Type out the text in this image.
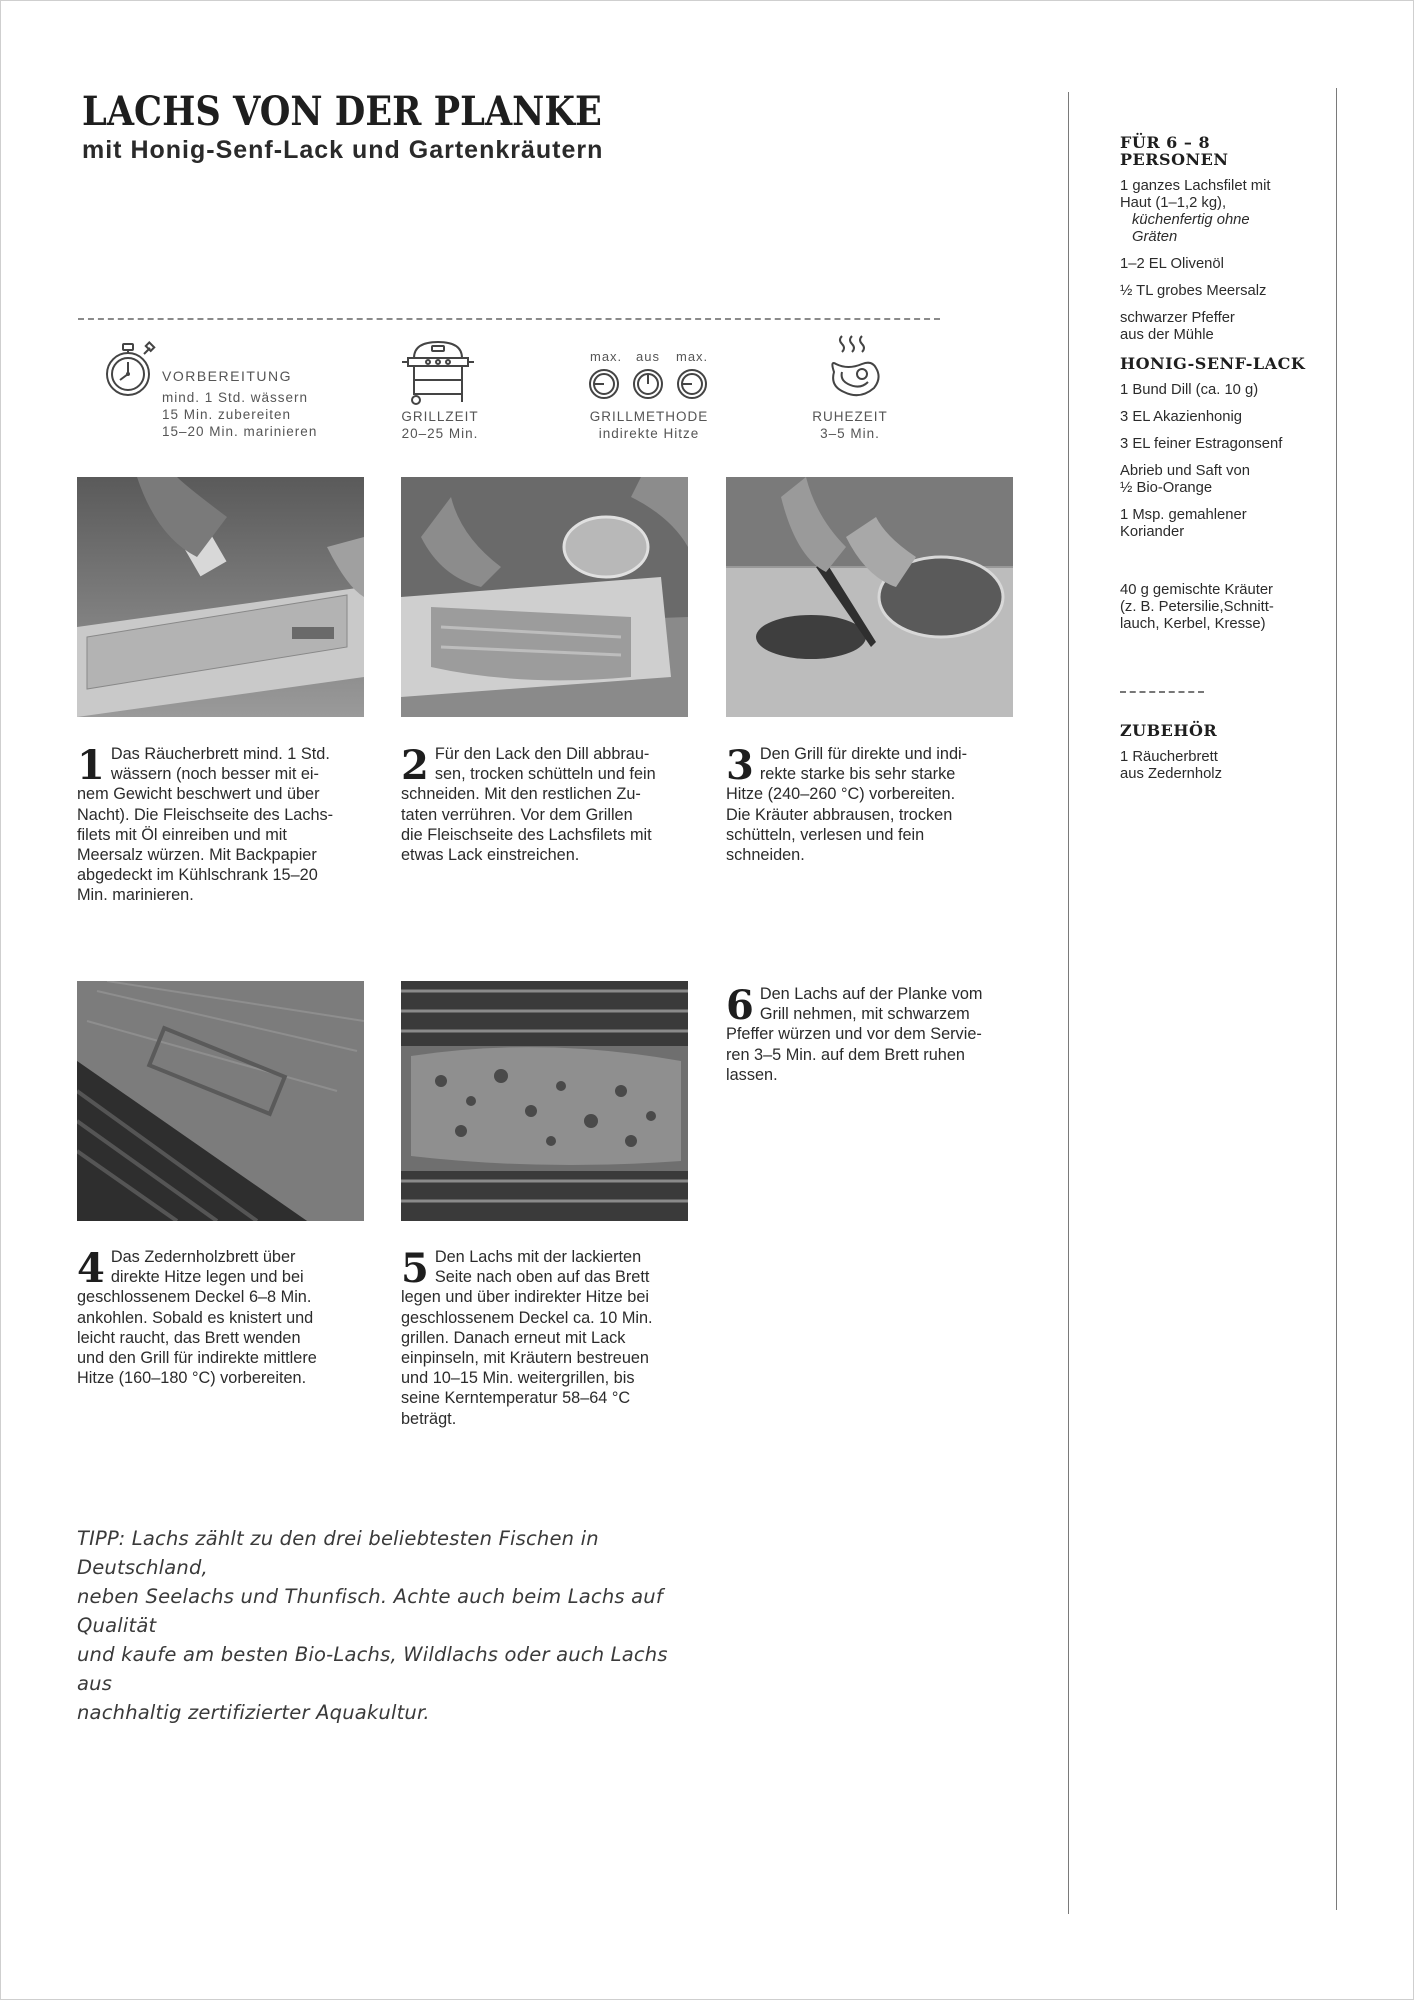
LACHS VON DER PLANKE
mit Honig-Senf-Lack und Gartenkräutern
VORBEREITUNG
mind. 1 Std. wässern
15 Min. zubereiten
15–20 Min. marinieren
GRILLZEIT
20–25 Min.
max. aus max.
GRILLMETHODE
indirekte Hitze
RUHEZEIT
3–5 Min.
1 Das Räucherbrett mind. 1 Std.
wässern (noch besser mit ei-
nem Gewicht beschwert und über
Nacht). Die Fleischseite des Lachs-
filets mit Öl einreiben und mit
Meersalz würzen. Mit Backpapier
abgedeckt im Kühlschrank 15–20
Min. marinieren.
2 Für den Lack den Dill abbrau-
sen, trocken schütteln und fein
schneiden. Mit den restlichen Zu-
taten verrühren. Vor dem Grillen
die Fleischseite des Lachsfilets mit
etwas Lack einstreichen.
3 Den Grill für direkte und indi-
rekte starke bis sehr starke
Hitze (240–260 °C) vorbereiten.
Die Kräuter abbrausen, trocken
schütteln, verlesen und fein
schneiden.
4 Das Zedernholzbrett über
direkte Hitze legen und bei
geschlossenem Deckel 6–8 Min.
ankohlen. Sobald es knistert und
leicht raucht, das Brett wenden
und den Grill für indirekte mittlere
Hitze (160–180 °C) vorbereiten.
5 Den Lachs mit der lackierten
Seite nach oben auf das Brett
legen und über indirekter Hitze bei
geschlossenem Deckel ca. 10 Min.
grillen. Danach erneut mit Lack
einpinseln, mit Kräutern bestreuen
und 10–15 Min. weitergrillen, bis
seine Kerntemperatur 58–64 °C
beträgt.
6 Den Lachs auf der Planke vom
Grill nehmen, mit schwarzem
Pfeffer würzen und vor dem Servie-
ren 3–5 Min. auf dem Brett ruhen
lassen.

TIPP: Lachs zählt zu den drei beliebtesten Fischen in Deutschland,
neben Seelachs und Thunfisch. Achte auch beim Lachs auf Qualität
und kaufe am besten Bio-Lachs, Wildlachs oder auch Lachs aus
nachhaltig zertifizierter Aquakultur.

FÜR 6 – 8 PERSONEN
1 ganzes Lachsfilet mit
Haut (1–1,2 kg),
küchenfertig ohne
Gräten
1–2 EL Olivenöl
½ TL grobes Meersalz
schwarzer Pfeffer
aus der Mühle
HONIG-SENF-LACK
1 Bund Dill (ca. 10 g)
3 EL Akazienhonig
3 EL feiner Estragonsenf
Abrieb und Saft von
½ Bio-Orange
1 Msp. gemahlener
Koriander
40 g gemischte Kräuter
(z. B. Petersilie,Schnitt-
lauch, Kerbel, Kresse)
ZUBEHÖR
1 Räucherbrett
aus Zedernholz
